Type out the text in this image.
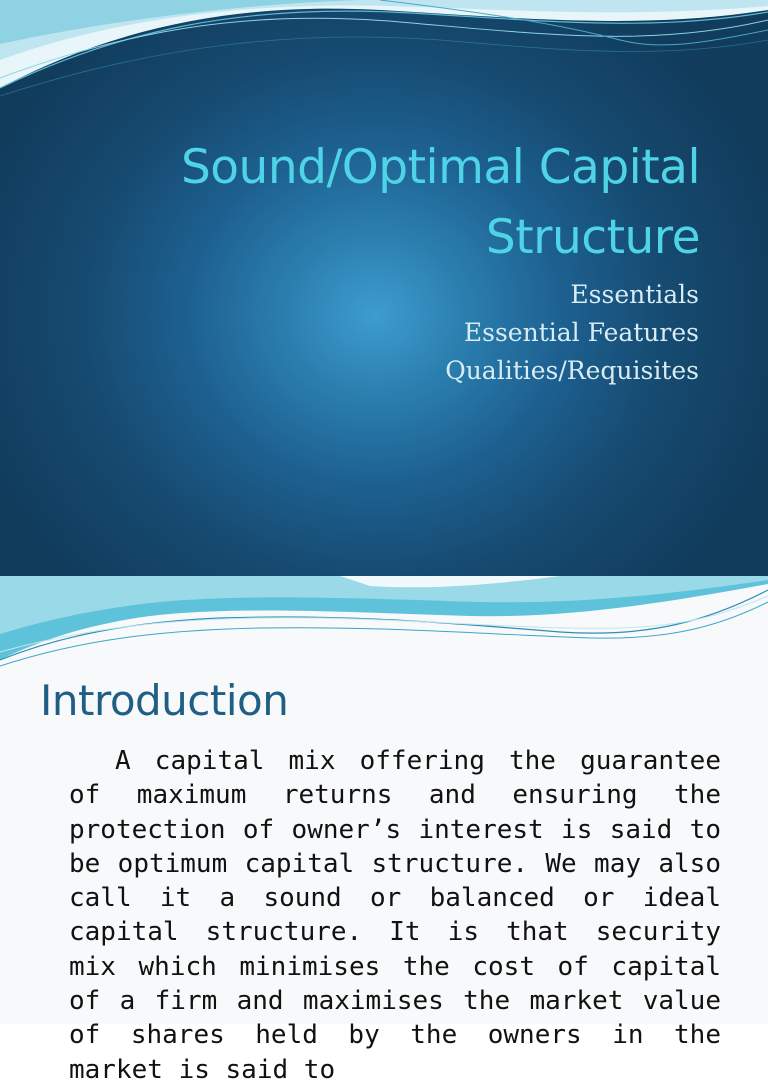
Sound/Optimal Capital
Structure
Essentials
Essential Features
Qualities/Requisites
Introduction

A capital mix offering the guarantee of maximum returns and ensuring the protection of owner’s interest is said to be optimum capital structure. We may also call it a sound or balanced or ideal capital structure. It is that security mix which minimises the cost of capital of a firm and maximises the market value of shares held by the owners in the market is said to
